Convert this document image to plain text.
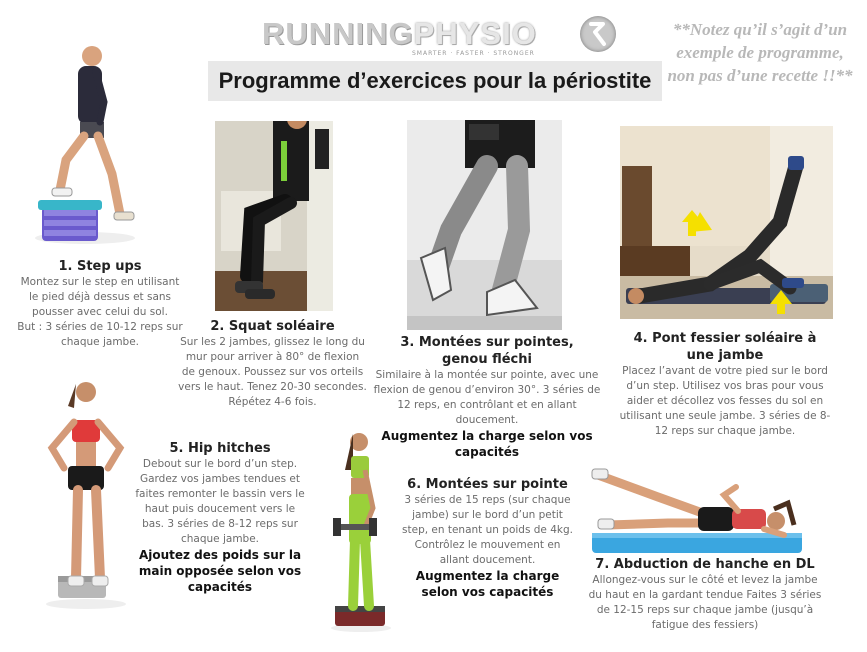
RUNNINGPHYSIO
SMARTER · FASTER · STRONGER
Programme d’exercices pour la périostite
**Notez qu’il s’agit d’un exemple de programme, non pas d’une recette !!**
1. Step ups
Montez sur le step en utilisant le pied déjà dessus et sans pousser avec celui du sol.
But : 3 séries de 10-12 reps sur chaque jambe.
2. Squat soléaire
Sur les 2 jambes, glissez le long du mur pour arriver à 80° de flexion de genoux. Poussez sur vos orteils vers le haut. Tenez 20-30 secondes. Répétez 4-6 fois.
3. Montées sur pointes, genou fléchi
Similaire à la montée sur pointe, avec une flexion de genou d’environ 30°. 3 séries de 12 reps, en contrôlant et en allant doucement.
Augmentez la charge selon vos capacités
4. Pont fessier soléaire à une jambe
Placez l’avant de votre pied sur le bord d’un step. Utilisez vos bras pour vous aider et décollez vos fesses du sol en utilisant une seule jambe. 3 séries de 8-12 reps sur chaque jambe.
5. Hip hitches
Debout sur le bord d’un step. Gardez vos jambes tendues et faites remonter le bassin vers le haut puis doucement vers le bas. 3 séries de 8-12 reps sur chaque jambe.
Ajoutez des poids sur la main opposée selon vos capacités
6. Montées sur pointe
3 séries de 15 reps (sur chaque jambe) sur le bord d’un petit step, en tenant un poids de 4kg. Contrôlez le mouvement en allant doucement.
Augmentez la charge selon vos capacités
7. Abduction de hanche en DL
Allongez-vous sur le côté et levez la jambe du haut en la gardant tendue Faites 3 séries de 12-15 reps sur chaque jambe (jusqu’à fatigue des fessiers)
